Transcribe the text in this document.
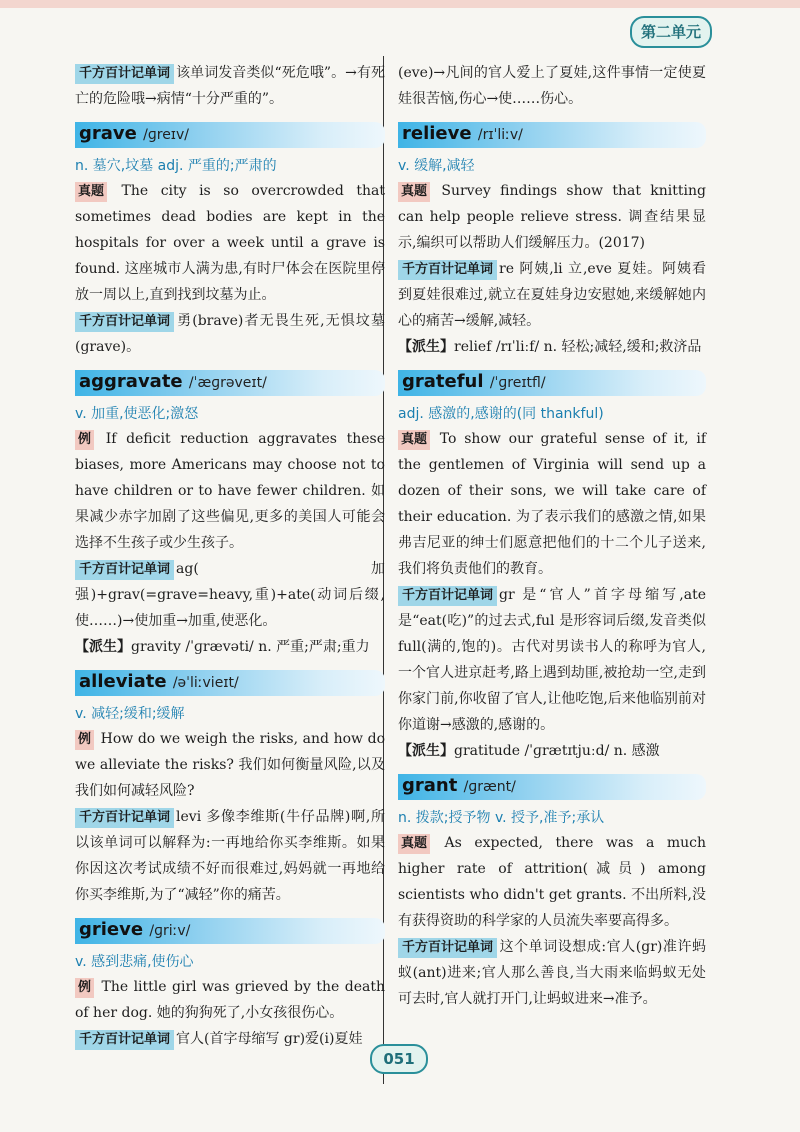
第二单元

千方百计记单词 该单词发音类似“死危哦”。→有死亡的危险哦→病情“十分严重的”。

grave /ɡreɪv/

n. 墓穴,坟墓 adj. 严重的;严肃的

真题 The city is so overcrowded that sometimes dead bodies are kept in the hospitals for over a week until a grave is found. 这座城市人满为患,有时尸体会在医院里停放一周以上,直到找到坟墓为止。

千方百计记单词 勇(brave)者无畏生死,无惧坟墓(grave)。

aggravate /ˈæɡrəveɪt/

v. 加重,使恶化;激怒

例 If deficit reduction aggravates these biases, more Americans may choose not to have children or to have fewer children. 如果减少赤字加剧了这些偏见,更多的美国人可能会选择不生孩子或少生孩子。

千方百计记单词 ag(加强)+grav(=grave=heavy,重)+ate(动词后缀,使……)→使加重→加重,使恶化。

【派生】gravity /ˈɡrævəti/ n. 严重;严肃;重力

alleviate /əˈliːvieɪt/

v. 减轻;缓和;缓解

例 How do we weigh the risks, and how do we alleviate the risks? 我们如何衡量风险,以及我们如何减轻风险?

千方百计记单词 levi 多像李维斯(牛仔品牌)啊,所以该单词可以解释为:一再地给你买李维斯。如果你因这次考试成绩不好而很难过,妈妈就一再地给你买李维斯,为了“减轻”你的痛苦。

grieve /ɡriːv/

v. 感到悲痛,使伤心

例 The little girl was grieved by the death of her dog. 她的狗狗死了,小女孩很伤心。

千方百计记单词 官人(首字母缩写 gr)爱(i)夏娃

(eve)→凡间的官人爱上了夏娃,这件事情一定使夏娃很苦恼,伤心→使……伤心。

relieve /rɪˈliːv/

v. 缓解,减轻

真题 Survey findings show that knitting can help people relieve stress. 调查结果显示,编织可以帮助人们缓解压力。(2017)

千方百计记单词 re 阿姨,li 立,eve 夏娃。阿姨看到夏娃很难过,就立在夏娃身边安慰她,来缓解她内心的痛苦→缓解,减轻。

【派生】relief /rɪˈliːf/ n. 轻松;减轻,缓和;救济品

grateful /ˈɡreɪtfl/

adj. 感激的,感谢的(同 thankful)

真题 To show our grateful sense of it, if the gentlemen of Virginia will send up a dozen of their sons, we will take care of their education. 为了表示我们的感激之情,如果弗吉尼亚的绅士们愿意把他们的十二个儿子送来,我们将负责他们的教育。

千方百计记单词 gr 是“官人”首字母缩写,ate 是“eat(吃)”的过去式,ful 是形容词后缀,发音类似 full(满的,饱的)。古代对男读书人的称呼为官人,一个官人进京赶考,路上遇到劫匪,被抢劫一空,走到你家门前,你收留了官人,让他吃饱,后来他临别前对你道谢→感激的,感谢的。

【派生】gratitude /ˈɡrætɪtjuːd/ n. 感激

grant /ɡrænt/

n. 拨款;授予物 v. 授予,准予;承认

真题 As expected, there was a much higher rate of attrition(减员) among scientists who didn't get grants. 不出所料,没有获得资助的科学家的人员流失率要高得多。

千方百计记单词 这个单词设想成:官人(gr)准许蚂蚁(ant)进来;官人那么善良,当大雨来临蚂蚁无处可去时,官人就打开门,让蚂蚁进来→准予。

051
